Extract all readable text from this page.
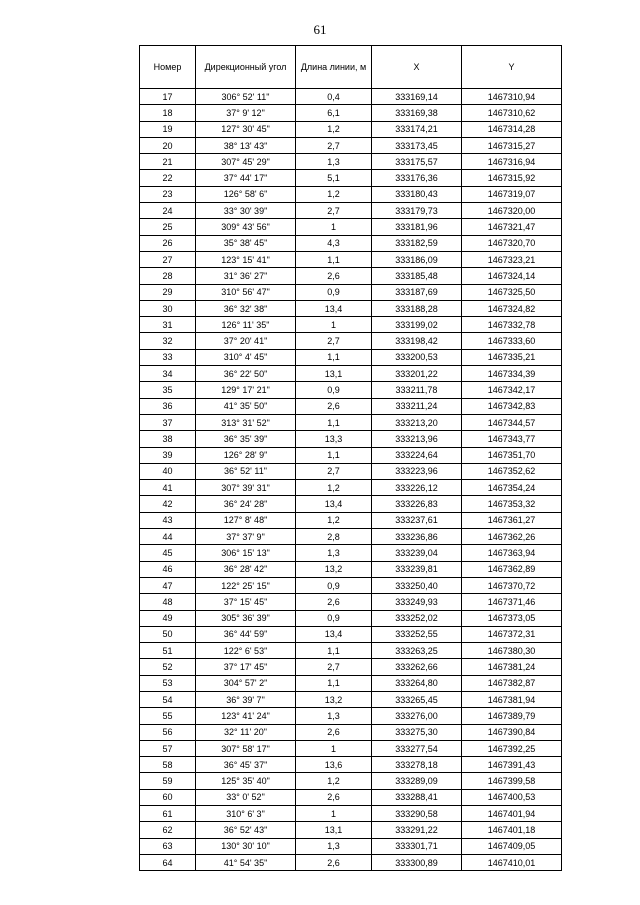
61
Номер	Дирекционный угол	Длина линии, м	X	Y
17	306° 52' 11"	0,4	333169,14	1467310,94
18	37° 9' 12"	6,1	333169,38	1467310,62
19	127° 30' 45"	1,2	333174,21	1467314,28
20	38° 13' 43"	2,7	333173,45	1467315,27
21	307° 45' 29"	1,3	333175,57	1467316,94
22	37° 44' 17"	5,1	333176,36	1467315,92
23	126° 58' 6"	1,2	333180,43	1467319,07
24	33° 30' 39"	2,7	333179,73	1467320,00
25	309° 43' 56"	1	333181,96	1467321,47
26	35° 38' 45"	4,3	333182,59	1467320,70
27	123° 15' 41"	1,1	333186,09	1467323,21
28	31° 36' 27"	2,6	333185,48	1467324,14
29	310° 56' 47"	0,9	333187,69	1467325,50
30	36° 32' 38"	13,4	333188,28	1467324,82
31	126° 11' 35"	1	333199,02	1467332,78
32	37° 20' 41"	2,7	333198,42	1467333,60
33	310° 4' 45"	1,1	333200,53	1467335,21
34	36° 22' 50"	13,1	333201,22	1467334,39
35	129° 17' 21"	0,9	333211,78	1467342,17
36	41° 35' 50"	2,6	333211,24	1467342,83
37	313° 31' 52"	1,1	333213,20	1467344,57
38	36° 35' 39"	13,3	333213,96	1467343,77
39	126° 28' 9"	1,1	333224,64	1467351,70
40	36° 52' 11"	2,7	333223,96	1467352,62
41	307° 39' 31"	1,2	333226,12	1467354,24
42	36° 24' 28"	13,4	333226,83	1467353,32
43	127° 8' 48"	1,2	333237,61	1467361,27
44	37° 37' 9"	2,8	333236,86	1467362,26
45	306° 15' 13"	1,3	333239,04	1467363,94
46	36° 28' 42"	13,2	333239,81	1467362,89
47	122° 25' 15"	0,9	333250,40	1467370,72
48	37° 15' 45"	2,6	333249,93	1467371,46
49	305° 36' 39"	0,9	333252,02	1467373,05
50	36° 44' 59"	13,4	333252,55	1467372,31
51	122° 6' 53"	1,1	333263,25	1467380,30
52	37° 17' 45"	2,7	333262,66	1467381,24
53	304° 57' 2"	1,1	333264,80	1467382,87
54	36° 39' 7"	13,2	333265,45	1467381,94
55	123° 41' 24"	1,3	333276,00	1467389,79
56	32° 11' 20"	2,6	333275,30	1467390,84
57	307° 58' 17"	1	333277,54	1467392,25
58	36° 45' 37"	13,6	333278,18	1467391,43
59	125° 35' 40"	1,2	333289,09	1467399,58
60	33° 0' 52"	2,6	333288,41	1467400,53
61	310° 6' 3"	1	333290,58	1467401,94
62	36° 52' 43"	13,1	333291,22	1467401,18
63	130° 30' 10"	1,3	333301,71	1467409,05
64	41° 54' 35"	2,6	333300,89	1467410,01
